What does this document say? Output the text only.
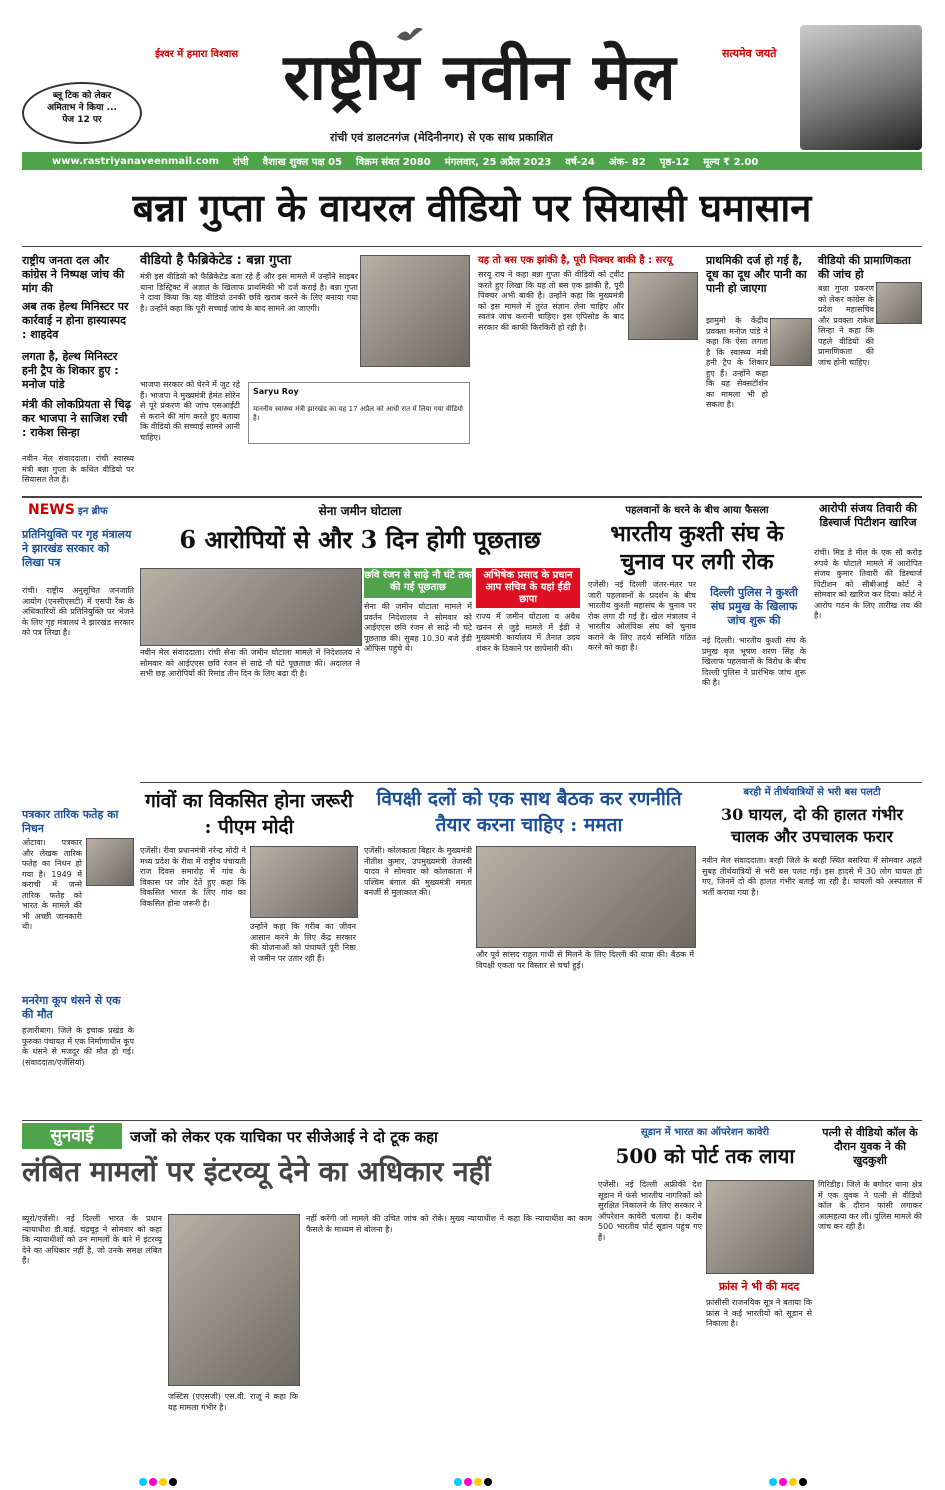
ब्लू टिक को लेकर
अमिताभ ने किया ...
पेज 12 पर
ईश्वर में हमारा विश्वास राष्ट्रीय नवीन मेल	सत्यमेव जयते
रांची एवं डालटनगंज (मेदिनीनगर) से एक साथ प्रकाशित
www.rastriyanaveenmail.com रांची वैशाख शुक्ल पक्ष 05 विक्रम संवत 2080 मंगलवार, 25 अप्रैल 2023 वर्ष-24 अंक- 82 पृष्ठ-12 मूल्य ₹ 2.00
बन्ना गुप्ता के वायरल वीडियो पर सियासी घमासान
राष्ट्रीय जनता दल और कांग्रेस ने निष्पक्ष जांच की मांग की
अब तक हेल्थ मिनिस्टर पर कार्रवाई न होना हास्यास्पद : शाहदेव
लगता है, हेल्थ मिनिस्टर हनी ट्रैप के शिकार हुए : मनोज पांडे
मंत्री की लोकप्रियता से चिढ़ कर भाजपा ने साजिश रची : राकेश सिन्हा
नवीन मेल संवाददाता। रांची स्वास्थ्य मंत्री बन्ना गुप्ता के कथित वीडियो पर सियासत तेज है।
वीडियो है फैब्रिकेटेड : बन्ना गुप्ता
मंत्री इस वीडियो को फैब्रिकेटेड बता रहे हैं और इस मामले में उन्होंने साइबर थाना डिस्ट्रिक्ट में अज्ञात के खिलाफ प्राथमिकी भी दर्ज कराई है। बन्ना गुप्ता ने दावा किया कि यह वीडियो उनकी छवि खराब करने के लिए बनाया गया है। उन्होंने कहा कि पूरी सच्चाई जांच के बाद सामने आ जाएगी।
भाजपा सरकार को घेरने में जुट रहे हैं। भाजपा ने मुख्यमंत्री हेमंत सोरेन से पूरे प्रकरण की जांच एसआईटी से कराने की मांग करते हुए बताया कि वीडियो की सच्चाई सामने आनी चाहिए।
Saryu Roy
माननीय स्वास्थ्य मंत्री झारखंड का यह 17 अप्रैल को आधी रात में लिया गया वीडियो है।
यह तो बस एक झांकी है, पूरी पिक्चर बाकी है : सरयू
सरयू राय ने कहा बन्ना गुप्ता की वीडियो को ट्वीट करते हुए लिखा कि यह तो बस एक झांकी है, पूरी पिक्चर अभी बाकी है। उन्होंने कहा कि मुख्यमंत्री को इस मामले में तुरंत संज्ञान लेना चाहिए और स्वतंत्र जांच करानी चाहिए। इस एपिसोड के बाद सरकार की काफी किरकिरी हो रही है।
प्राथमिकी दर्ज हो गई है, दूध का दूध और पानी का पानी हो जाएगा
झामुमो के केंद्रीय प्रवक्ता मनोज पांडे ने कहा कि ऐसा लगता है कि स्वास्थ्य मंत्री हनी ट्रैप के शिकार हुए हैं। उन्होंने कहा कि यह सेक्सटॉर्शन का मामला भी हो सकता है।
वीडियो की प्रामाणिकता की जांच हो
बन्ना गुप्ता प्रकरण को लेकर कांग्रेस के प्रदेश महासचिव और प्रवक्ता राकेश सिन्हा ने कहा कि पहले वीडियो की प्रामाणिकता की जांच होनी चाहिए।
NEWS इन ब्रीफ
प्रतिनियुक्ति पर गृह मंत्रालय ने झारखंड सरकार को लिखा पत्र
रांची। राष्ट्रीय अनुसूचित जनजाति आयोग (एनसीएसटी) में एसपी रैंक के अधिकारियों की प्रतिनियुक्ति पर भेजने के लिए गृह मंत्रालय ने झारखंड सरकार को पत्र लिखा है।
पत्रकार तारिक फतेह का निधन
ओटावा। पत्रकार और लेखक तारिक फतेह का निधन हो गया है। 1949 में कराची में जन्मे तारिक फतेह को भारत के मामले की भी अच्छी जानकारी थी।
मनरेगा कूप धंसने से एक की मौत
हजारीबाग। जिले के इचाक प्रखंड के फुरुका पंचायत में एक निर्माणाधीन कूप के धंसने से मजदूर की मौत हो गई। (संवाददाता/एजेंसियां)
सेना जमीन घोटाला
6 आरोपियों से और 3 दिन होगी पूछताछ
नवीन मेल संवाददाता। रांची सेना की जमीन घोटाला मामले में निदेशालय ने सोमवार को आईएएस छवि रंजन से साढ़े नौ घंटे पूछताछ की। अदालत ने सभी छह आरोपियों की रिमांड तीन दिन के लिए बढ़ा दी है।
छवि रंजन से साढ़े नौ घंटे तक की गई पूछताछ
सेना की जमीन घोटाला मामले में प्रवर्तन निदेशालय ने सोमवार को आईएएस छवि रंजन से साढ़े नौ घंटे पूछताछ की। सुबह 10.30 बजे ईडी ऑफिस पहुंचे थे।
अभिषेक प्रसाद के प्रधान आप सचिव के यहां ईडी छापा
राज्य में जमीन घोटाला व अवैध खनन से जुड़े मामले में ईडी ने मुख्यमंत्री कार्यालय में तैनात उदय शंकर के ठिकाने पर छापेमारी की।
पहलवानों के धरने के बीच आया फैसला
भारतीय कुश्ती संघ के चुनाव पर लगी रोक
एजेंसी। नई दिल्ली जंतर-मंतर पर जारी पहलवानों के प्रदर्शन के बीच भारतीय कुश्ती महासंघ के चुनाव पर रोक लगा दी गई है। खेल मंत्रालय ने भारतीय ओलंपिक संघ को चुनाव कराने के लिए तदर्थ समिति गठित करने को कहा है।
दिल्ली पुलिस ने कुश्ती संघ प्रमुख के खिलाफ जांच शुरू की
नई दिल्ली। भारतीय कुश्ती संघ के प्रमुख बृज भूषण शरण सिंह के खिलाफ पहलवानों के विरोध के बीच दिल्ली पुलिस ने प्रारंभिक जांच शुरू की है।
आरोपी संजय तिवारी की डिस्चार्ज पिटीशन खारिज
रांची। मिड डे मील के एक सौ करोड़ रुपये के घोटाले मामले में आरोपित संजय कुमार तिवारी की डिस्चार्ज पिटीशन को सीबीआई कोर्ट ने सोमवार को खारिज कर दिया। कोर्ट ने आरोप गठन के लिए तारीख तय की है।
गांवों का विकसित होना जरूरी : पीएम मोदी
एजेंसी। रीवा प्रधानमंत्री नरेन्द्र मोदी ने मध्य प्रदेश के रीवा में राष्ट्रीय पंचायती राज दिवस समारोह में गांव के विकास पर जोर देते हुए कहा कि विकसित भारत के लिए गांव का विकसित होना जरूरी है।
उन्होंने कहा कि गरीब का जीवन आसान करने के लिए केंद्र सरकार की योजनाओं को पंचायतें पूरी निष्ठा से जमीन पर उतार रही हैं।
विपक्षी दलों को एक साथ बैठक कर रणनीति तैयार करना चाहिए : ममता
एजेंसी। कोलकाता बिहार के मुख्यमंत्री नीतीश कुमार, उपमुख्यमंत्री तेजस्वी यादव ने सोमवार को कोलकाता में पश्चिम बंगाल की मुख्यमंत्री ममता बनर्जी से मुलाकात की।
और पूर्व सांसद राहुल गांधी से मिलने के लिए दिल्ली की यात्रा की। बैठक में विपक्षी एकता पर विस्तार से चर्चा हुई।
बरही में तीर्थयात्रियों से भरी बस पलटी
30 घायल, दो की हालत गंभीर चालक और उपचालक फरार
नवीन मेल संवाददाता। बरही जिले के बरही स्थित बसरिया में सोमवार अहले सुबह तीर्थयात्रियों से भरी बस पलट गई। इस हादसे में 30 लोग घायल हो गए, जिनमें दो की हालत गंभीर बताई जा रही है। घायलों को अस्पताल में भर्ती कराया गया है।
सुनवाई	जजों को लेकर एक याचिका पर सीजेआई ने दो टूक कहा
लंबित मामलों पर इंटरव्यू देने का अधिकार नहीं
ब्यूरो/एजेंसी। नई दिल्ली भारत के प्रधान न्यायाधीश डी.वाई. चंद्रचूड़ ने सोमवार को कहा कि न्यायाधीशों को उन मामलों के बारे में इंटरव्यू देने का अधिकार नहीं है, जो उनके समक्ष लंबित हैं।
जस्टिस (एएसजी) एस.वी. राजू ने कहा कि यह मामला गंभीर है।
नहीं करेंगी जो मामले की उचित जांच को रोके। मुख्य न्यायाधीश ने कहा कि न्यायाधीश का काम फैसले के माध्यम से बोलना है।
सूडान में भारत का ऑपरेशन कावेरी
500 को पोर्ट तक लाया
एजेंसी। नई दिल्ली अफ्रीकी देश सूडान में फंसे भारतीय नागरिकों को सुरक्षित निकालने के लिए सरकार ने ऑपरेशन कावेरी चलाया है। करीब 500 भारतीय पोर्ट सूडान पहुंच गए हैं।
फ्रांस ने भी की मदद
फ्रांसीसी राजनयिक सूत्र ने बताया कि फ्रांस ने कई भारतीयों को सूडान से निकाला है।
पत्नी से वीडियो कॉल के दौरान युवक ने की खुदकुशी
गिरिडीह। जिले के बगोदर थाना क्षेत्र में एक युवक ने पत्नी से वीडियो कॉल के दौरान फांसी लगाकर आत्महत्या कर ली। पुलिस मामले की जांच कर रही है।
